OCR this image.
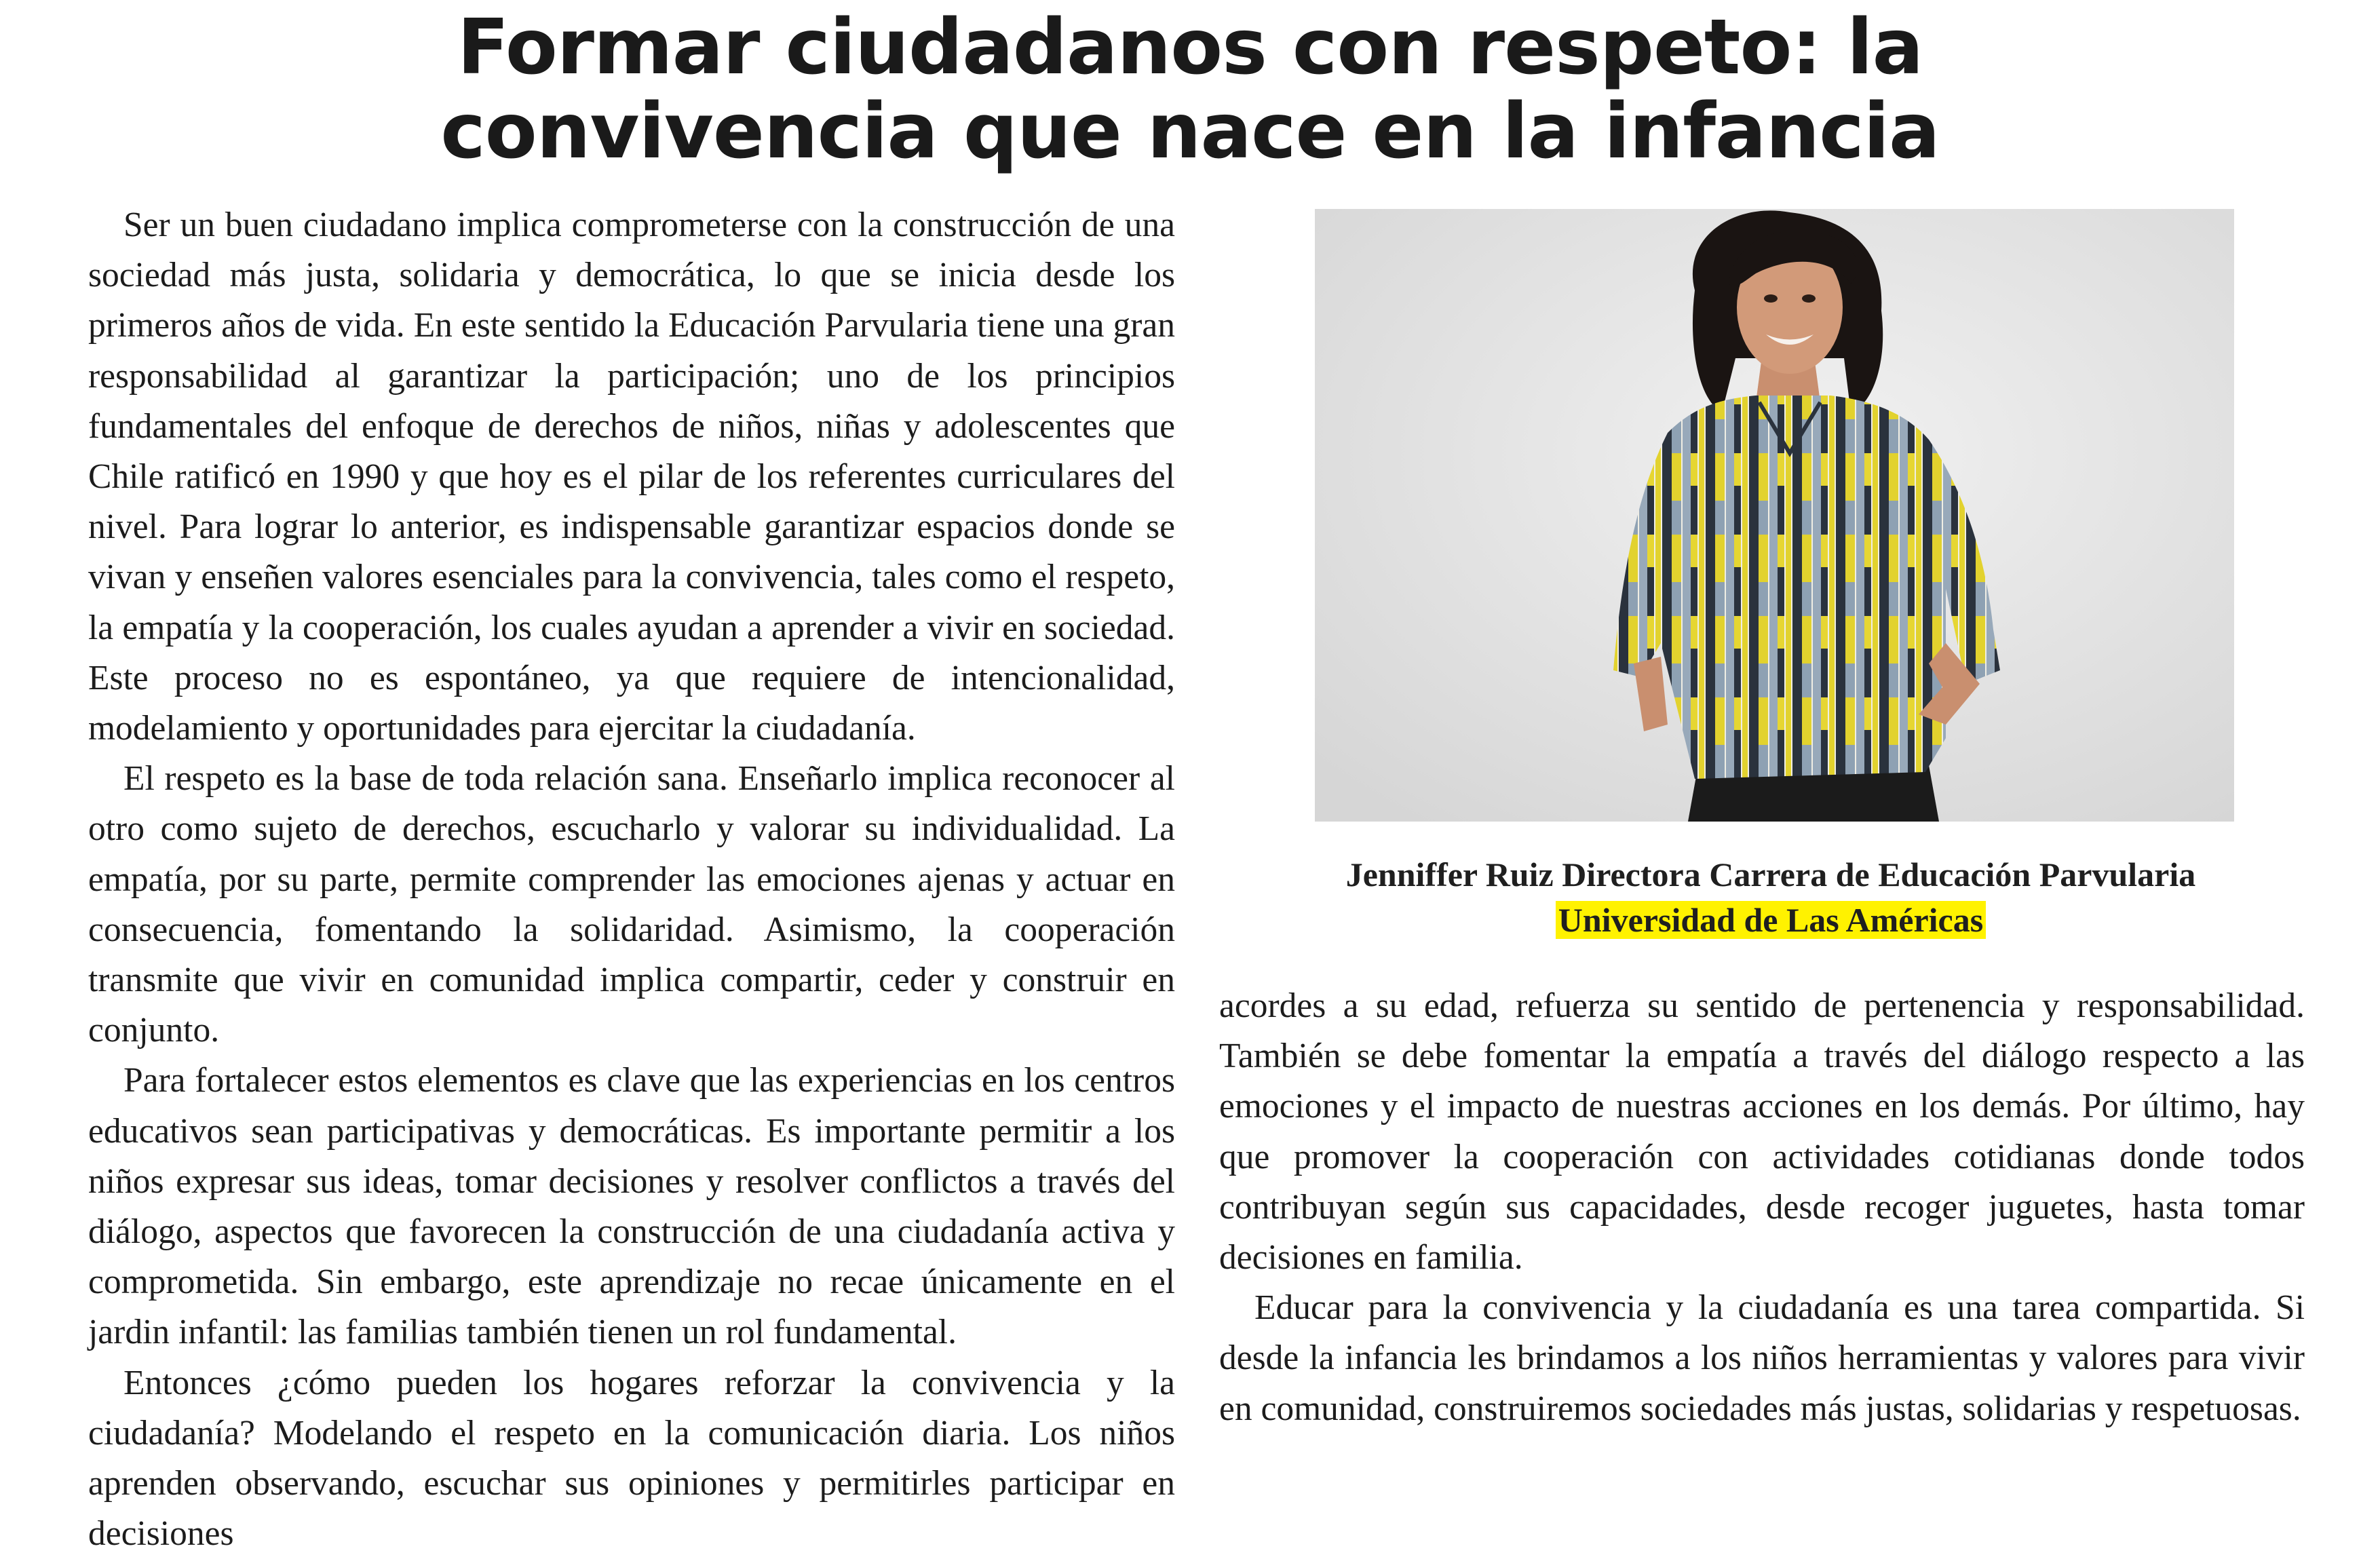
Formar ciudadanos con respeto: la
convivencia que nace en la infancia

Ser un buen ciudadano implica comprometerse con la construcción de una sociedad más justa, solidaria y democrática, lo que se inicia desde los primeros años de vida. En este sentido la Educación Parvularia tiene una gran responsabilidad al garantizar la participación; uno de los principios fundamentales del enfoque de derechos de niños, niñas y adolescentes que Chile ratificó en 1990 y que hoy es el pilar de los referentes curriculares del nivel. Para lograr lo anterior, es indispensable garantizar espacios donde se vivan y enseñen valores esenciales para la convivencia, tales como el respeto, la empatía y la cooperación, los cuales ayudan a aprender a vivir en sociedad. Este proceso no es espontáneo, ya que requiere de intencionalidad, modelamiento y oportunidades para ejercitar la ciudadanía.

El respeto es la base de toda relación sana. Enseñarlo implica reconocer al otro como sujeto de derechos, escucharlo y valorar su individualidad. La empatía, por su parte, permite comprender las emociones ajenas y actuar en consecuencia, fomentando la solidaridad. Asimismo, la cooperación transmite que vivir en comunidad implica compartir, ceder y construir en conjunto.

Para fortalecer estos elementos es clave que las experiencias en los centros educativos sean participativas y democráticas. Es importante permitir a los niños expresar sus ideas, tomar decisiones y resolver conflictos a través del diálogo, aspectos que favorecen la construcción de una ciudadanía activa y comprometida. Sin embargo, este aprendizaje no recae únicamente en el jardin infantil: las familias también tienen un rol fundamental.

Entonces ¿cómo pueden los hogares reforzar la convivencia y la ciudadanía? Modelando el respeto en la comunicación diaria. Los niños aprenden observando, escuchar sus opiniones y permitirles participar en decisiones

Jenniffer Ruiz Directora Carrera de Educación Parvularia
Universidad de Las Américas

acordes a su edad, refuerza su sentido de pertenencia y responsabilidad. También se debe fomentar la empatía a través del diálogo respecto a las emociones y el impacto de nuestras acciones en los demás. Por último, hay que promover la cooperación con actividades cotidianas donde todos contribuyan según sus capacidades, desde recoger juguetes, hasta tomar decisiones en familia.

Educar para la convivencia y la ciudadanía es una tarea compartida. Si desde la infancia les brindamos a los niños herramientas y valores para vivir en comunidad, construiremos sociedades más justas, solidarias y respetuosas.
